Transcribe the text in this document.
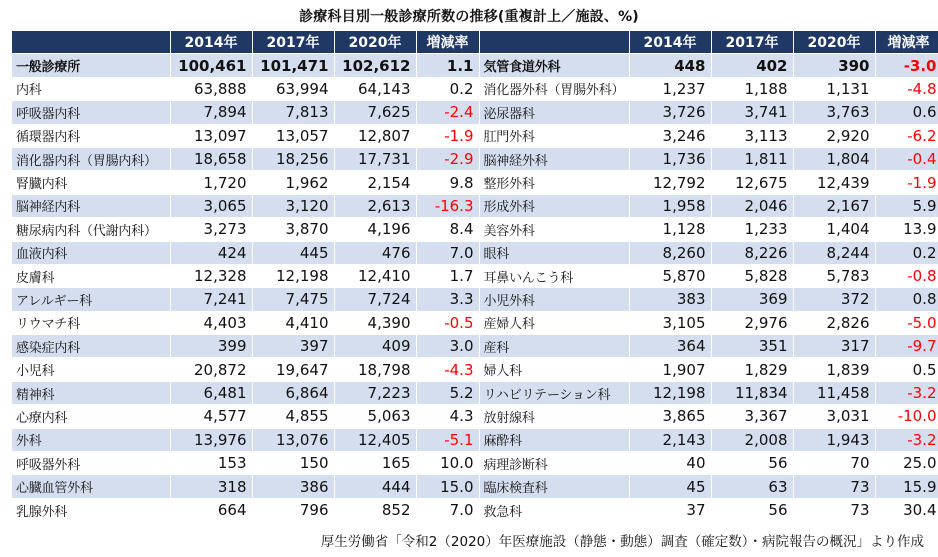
診療科目別一般診療所数の推移(重複計上／施設、%)
	2014年	2017年	2020年	増減率		2014年	2017年	2020年	増減率
一般診療所	100,461	101,471	102,612	1.1	気管食道外科	448	402	390	-3.0
内科	63,888	63,994	64,143	0.2	消化器外科（胃腸外科）	1,237	1,188	1,131	-4.8
呼吸器内科	7,894	7,813	7,625	-2.4	泌尿器科	3,726	3,741	3,763	0.6
循環器内科	13,097	13,057	12,807	-1.9	肛門外科	3,246	3,113	2,920	-6.2
消化器内科（胃腸内科）	18,658	18,256	17,731	-2.9	脳神経外科	1,736	1,811	1,804	-0.4
腎臓内科	1,720	1,962	2,154	9.8	整形外科	12,792	12,675	12,439	-1.9
脳神経内科	3,065	3,120	2,613	-16.3	形成外科	1,958	2,046	2,167	5.9
糖尿病内科（代謝内科）	3,273	3,870	4,196	8.4	美容外科	1,128	1,233	1,404	13.9
血液内科	424	445	476	7.0	眼科	8,260	8,226	8,244	0.2
皮膚科	12,328	12,198	12,410	1.7	耳鼻いんこう科	5,870	5,828	5,783	-0.8
アレルギー科	7,241	7,475	7,724	3.3	小児外科	383	369	372	0.8
リウマチ科	4,403	4,410	4,390	-0.5	産婦人科	3,105	2,976	2,826	-5.0
感染症内科	399	397	409	3.0	産科	364	351	317	-9.7
小児科	20,872	19,647	18,798	-4.3	婦人科	1,907	1,829	1,839	0.5
精神科	6,481	6,864	7,223	5.2	リハビリテーション科	12,198	11,834	11,458	-3.2
心療内科	4,577	4,855	5,063	4.3	放射線科	3,865	3,367	3,031	-10.0
外科	13,976	13,076	12,405	-5.1	麻酔科	2,143	2,008	1,943	-3.2
呼吸器外科	153	150	165	10.0	病理診断科	40	56	70	25.0
心臓血管外科	318	386	444	15.0	臨床検査科	45	63	73	15.9
乳腺外科	664	796	852	7.0	救急科	37	56	73	30.4
厚生労働省「令和2（2020）年医療施設（静態・動態）調査（確定数）・病院報告の概況」より作成
